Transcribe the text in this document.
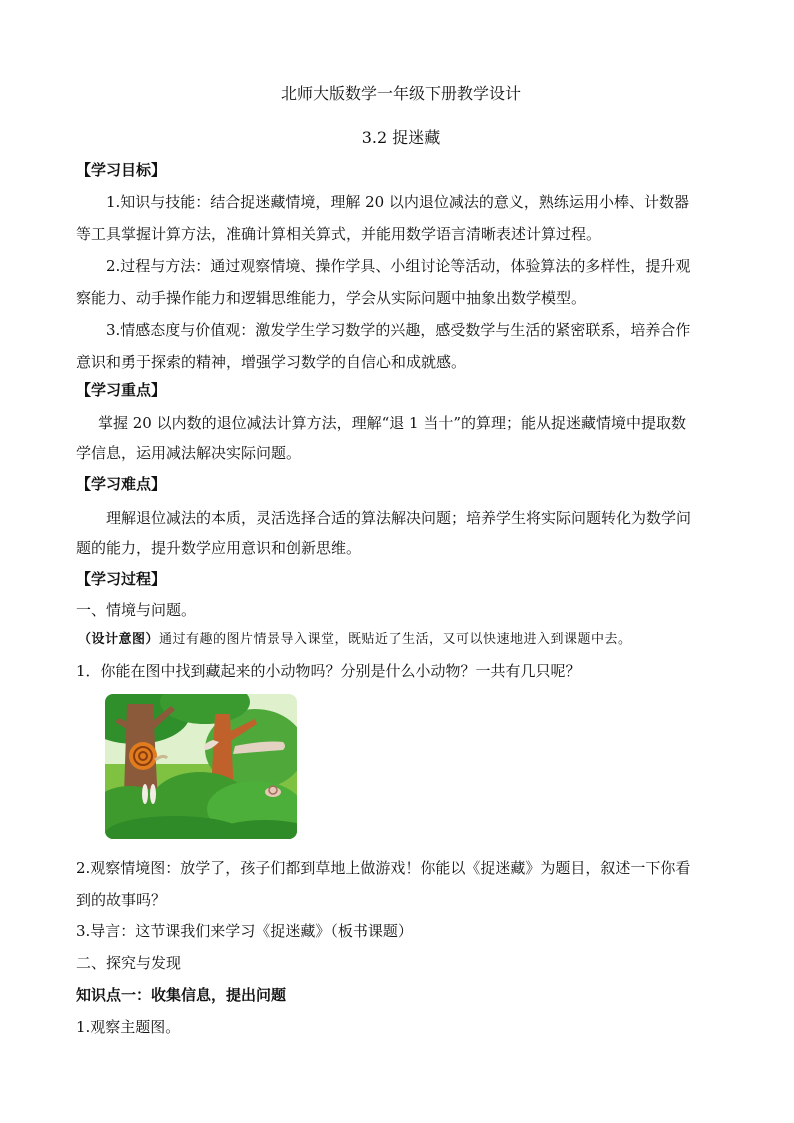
北师大版数学一年级下册教学设计
3.2 捉迷藏
【学习目标】
1.知识与技能：结合捉迷藏情境，理解 20 以内退位减法的意义，熟练运用小棒、计数器
等工具掌握计算方法，准确计算相关算式，并能用数学语言清晰表述计算过程。
2.过程与方法：通过观察情境、操作学具、小组讨论等活动，体验算法的多样性，提升观
察能力、动手操作能力和逻辑思维能力，学会从实际问题中抽象出数学模型。
3.情感态度与价值观：激发学生学习数学的兴趣，感受数学与生活的紧密联系，培养合作
意识和勇于探索的精神，增强学习数学的自信心和成就感。
【学习重点】
掌握 20 以内数的退位减法计算方法，理解“退 1 当十”的算理；能从捉迷藏情境中提取数
学信息，运用减法解决实际问题。
【学习难点】
理解退位减法的本质，灵活选择合适的算法解决问题；培养学生将实际问题转化为数学问
题的能力，提升数学应用意识和创新思维。
【学习过程】
一、情境与问题。
（设计意图）通过有趣的图片情景导入课堂，既贴近了生活，又可以快速地进入到课题中去。
1．你能在图中找到藏起来的小动物吗？分别是什么小动物？一共有几只呢？
2.观察情境图：放学了，孩子们都到草地上做游戏！你能以《捉迷藏》为题目，叙述一下你看
到的故事吗？
3.导言：这节课我们来学习《捉迷藏》（板书课题）
二、探究与发现
知识点一：收集信息，提出问题
1.观察主题图。
